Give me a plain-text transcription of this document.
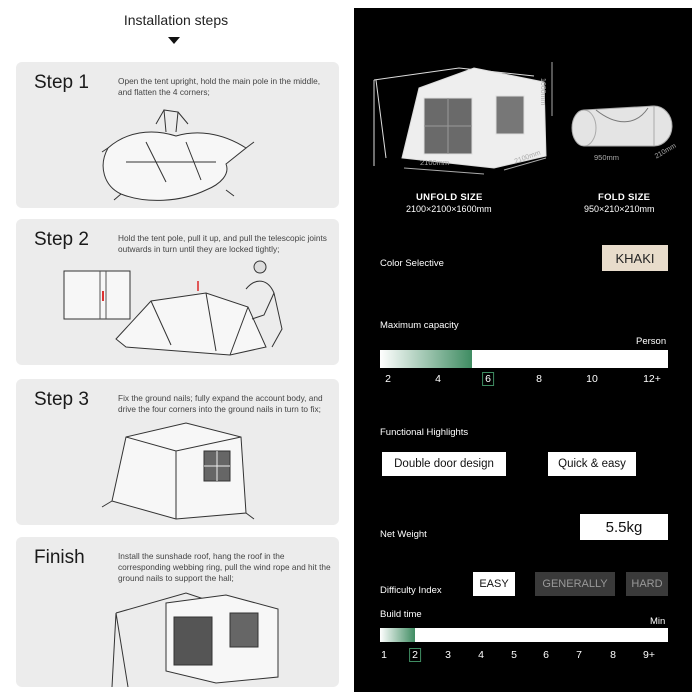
Installation steps
Step 1	Open the tent upright, hold the main pole in the middle, and flatten the 4 corners;
Step 2	Hold the tent pole, pull it up, and pull the telescopic joints outwards in turn until they are locked tightly;
Step 3	Fix the ground nails; fully expand the account body, and drive the four corners into the ground nails in turn to fix;
Finish	Install the sunshade roof, hang the roof in the corresponding webbing ring, pull the wind rope and hit the ground nails to support the hall;
1600mm
2100mm	2100mm	950mm	210mm
UNFOLD SIZE
2100×2100×1600mm
FOLD SIZE
950×210×210mm
Color Selective	KHAKI
Maximum capacity
Person
2	4	6	8	10	12+
Functional Highlights
Double door design	Quick & easy
Net Weight	5.5kg
Difficulty Index
EASY	GENERALLY	HARD
Build time
Min
1 2	3	4	5 6	7	8	9+
